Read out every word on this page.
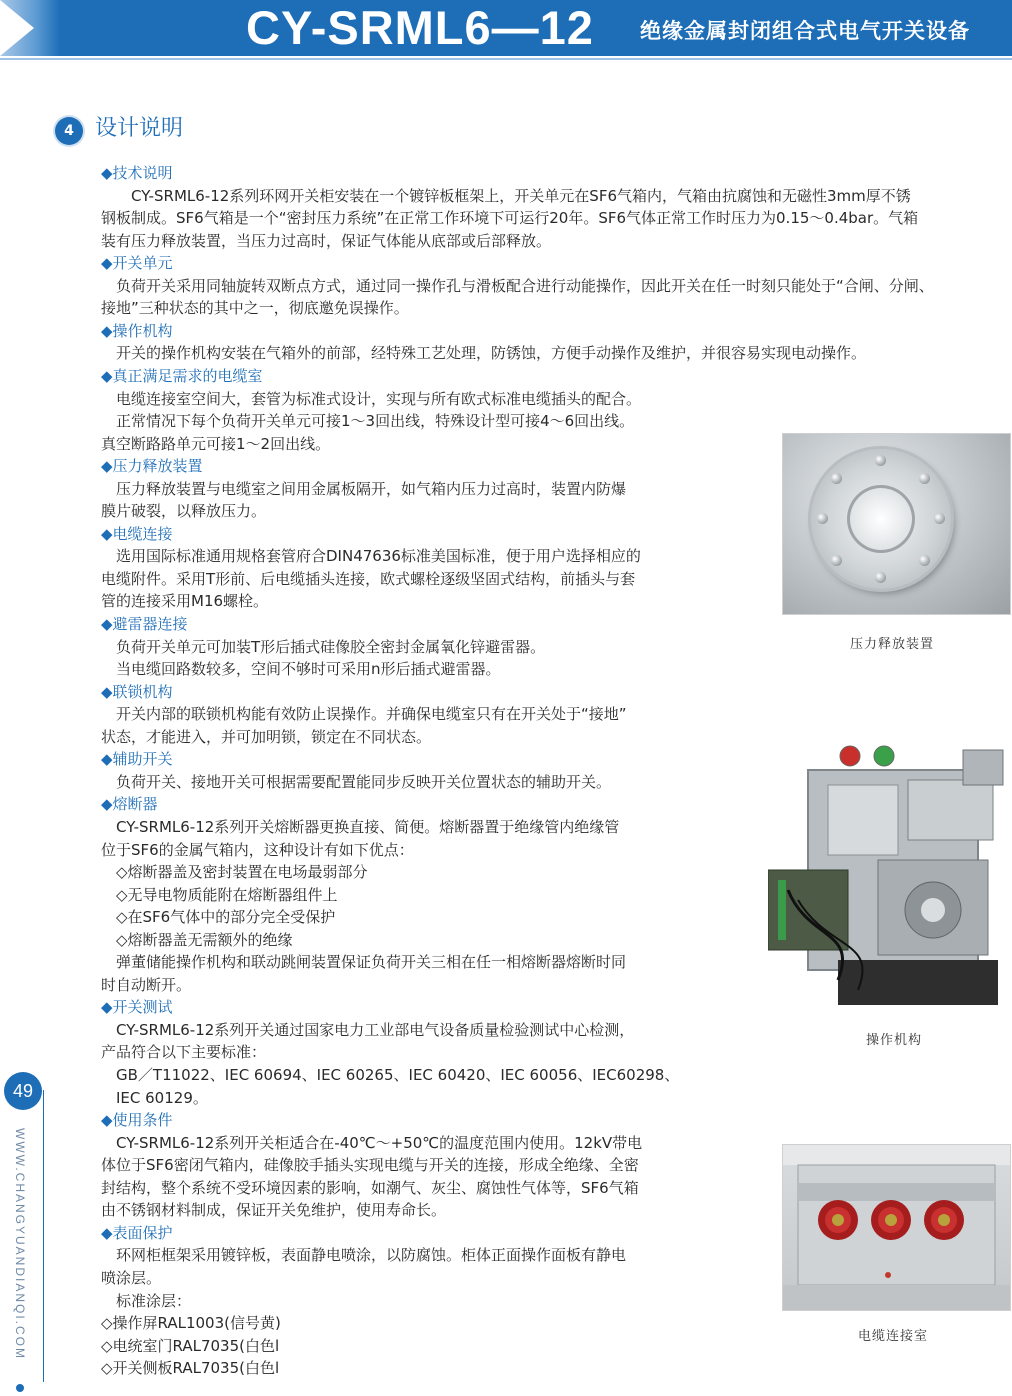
CY-SRML6—12 绝缘金属封闭组合式电气开关设备
4 设计说明
◆技术说明
　　CY-SRML6-12系列环网开关柜安装在一个镀锌板框架上，开关单元在SF6气箱内，气箱由抗腐蚀和无磁性3mm厚不锈
钢板制成。SF6气箱是一个“密封压力系统”在正常工作环境下可运行20年。SF6气体正常工作时压力为0.15～0.4bar。气箱
装有压力释放装置，当压力过高时，保证气体能从底部或后部释放。
◆开关单元
　负荷开关采用同轴旋转双断点方式，通过同一操作孔与滑板配合进行动能操作，因此开关在任一时刻只能处于“合闸、分闸、
接地”三种状态的其中之一，彻底邀免误操作。
◆操作机构
　开关的操作机构安装在气箱外的前部，经特殊工艺处理，防锈蚀，方便手动操作及维护，并很容易实现电动操作。
◆真正满足需求的电缆室
　电缆连接室空间大，套管为标准式设计，实现与所有欧式标准电缆插头的配合。
　正常情况下每个负荷开关单元可接1～3回出线，特殊设计型可接4～6回出线。
真空断路路单元可接1～2回出线。
◆压力释放装置
　压力释放装置与电缆室之间用金属板隔开，如气箱内压力过高时，装置内防爆
膜片破裂，以释放压力。
◆电缆连接
　选用国际标准通用规格套管府合DIN47636标准美国标准，便于用户选择相应的
电缆附件。采用T形前、后电缆插头连接，欧式螺栓逐级坚固式结构，前插头与套
管的连接采用M16螺栓。
◆避雷器连接
　负荷开关单元可加装T形后插式硅像胶全密封金属氧化锌避雷器。
　当电缆回路数较多，空间不够时可采用n形后插式避雷器。
◆联锁机构
　开关内部的联锁机构能有效防止误操作。并确保电缆室只有在开关处于“接地”
状态，才能进入，并可加明锁，锁定在不同状态。
◆辅助开关
　负荷开关、接地开关可根据需要配置能同步反映开关位置状态的辅助开关。
◆熔断器
　CY-SRML6-12系列开关熔断器更换直接、简便。熔断器置于绝缘管内绝缘管
位于SF6的金属气箱内，这种设计有如下优点：
　◇熔断器盖及密封装置在电场最弱部分
　◇无导电物质能附在熔断器组件上
　◇在SF6气体中的部分完全受保护
　◇熔断器盖无需额外的绝缘
　弹董储能操作机构和联动跳闸装置保证负荷开关三相在任一相熔断器熔断时同
时自动断开。
◆开关测试
　CY-SRML6-12系列开关通过国家电力工业部电气设备质量检验测试中心检测，
产品符合以下主要标准：
　GB／T11022、IEC 60694、IEC 60265、IEC 60420、IEC 60056、IEC60298、
　IEC 60129。
◆使用条件
　CY-SRML6-12系列开关柜适合在-40℃～+50℃的温度范围内使用。12kV带电
体位于SF6密闭气箱内，硅像胶手插头实现电缆与开关的连接，形成全绝缘、全密
封结构，整个系统不受环境因素的影响，如潮气、灰尘、腐蚀性气体等，SF6气箱
由不锈钢材料制成，保证开关免维护，使用寿命长。
◆表面保护
　环网柜框架采用镀锌板，表面静电喷涂，以防腐蚀。柜体正面操作面板有静电
喷涂层。
　标准涂层：
◇操作屏RAL1003(信号黄)
◇电统室门RAL7035(白色l
◇开关侧板RAL7035(白色l
压力释放装置
操作机构
电缆连接室
49
WWW.CHANGYUANDIANQI.COM
